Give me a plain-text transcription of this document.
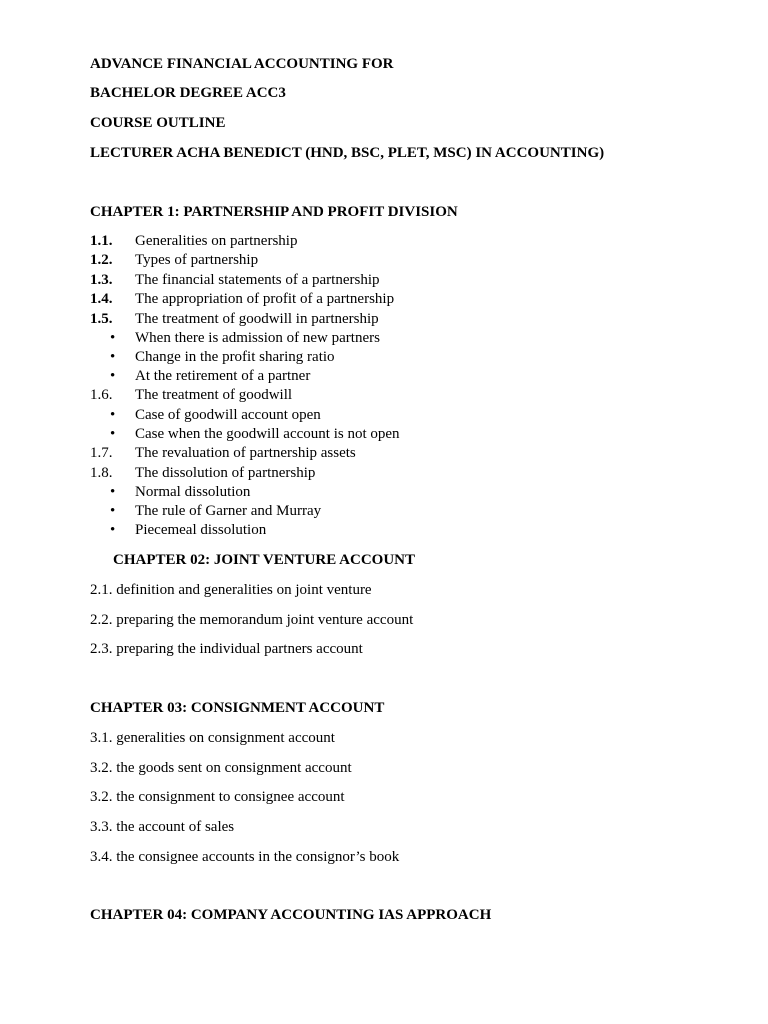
ADVANCE FINANCIAL ACCOUNTING FOR
BACHELOR DEGREE ACC3
COURSE OUTLINE
LECTURER ACHA BENEDICT (HND, BSC, PLET, MSC) IN ACCOUNTING)
CHAPTER 1: PARTNERSHIP AND PROFIT DIVISION
1.1. Generalities on partnership
1.2. Types of partnership
1.3. The financial statements of a partnership
1.4. The appropriation of profit of a partnership
1.5. The treatment of goodwill in partnership
• When there is admission of new partners
• Change in the profit sharing ratio
• At the retirement of a partner
1.6. The treatment of goodwill
• Case of goodwill account open
• Case when the goodwill account is not open
1.7. The revaluation of partnership assets
1.8. The dissolution of partnership
• Normal dissolution
• The rule of Garner and Murray
• Piecemeal dissolution
CHAPTER 02: JOINT VENTURE ACCOUNT
2.1. definition and generalities on joint venture
2.2. preparing the memorandum joint venture account
2.3. preparing the individual partners account
CHAPTER 03: CONSIGNMENT ACCOUNT
3.1. generalities on consignment account
3.2. the goods sent on consignment account
3.2. the consignment to consignee account
3.3. the account of sales
3.4. the consignee accounts in the consignor’s book
CHAPTER 04: COMPANY ACCOUNTING IAS APPROACH
